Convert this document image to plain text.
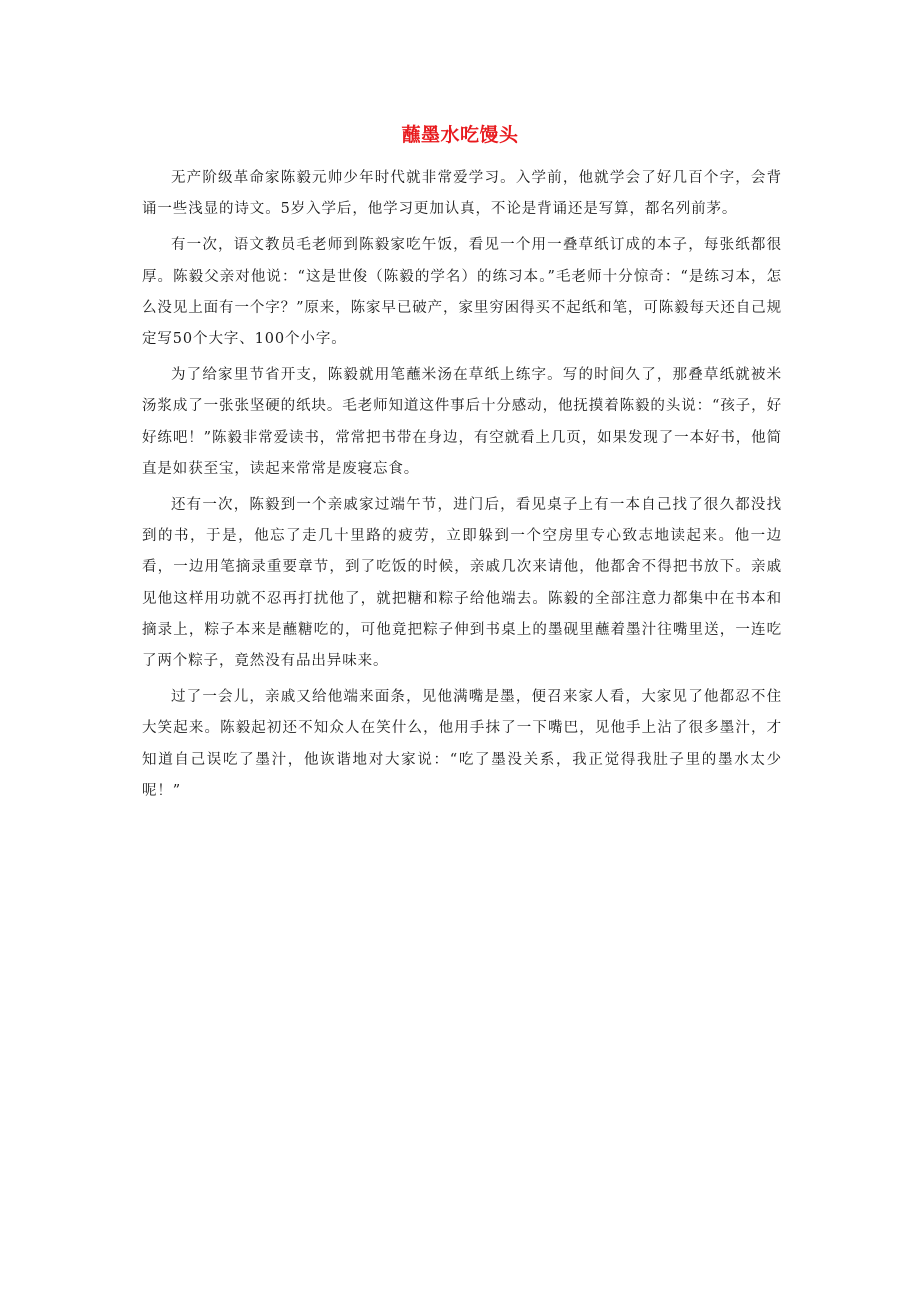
蘸墨水吃馒头

无产阶级革命家陈毅元帅少年时代就非常爱学习。入学前，他就学会了好几百个字，会背诵一些浅显的诗文。5岁入学后，他学习更加认真，不论是背诵还是写算，都名列前茅。

有一次，语文教员毛老师到陈毅家吃午饭，看见一个用一叠草纸订成的本子，每张纸都很厚。陈毅父亲对他说：“这是世俊（陈毅的学名）的练习本。”毛老师十分惊奇：“是练习本，怎么没见上面有一个字？”原来，陈家早已破产，家里穷困得买不起纸和笔，可陈毅每天还自己规定写50个大字、100个小字。

为了给家里节省开支，陈毅就用笔蘸米汤在草纸上练字。写的时间久了，那叠草纸就被米汤浆成了一张张坚硬的纸块。毛老师知道这件事后十分感动，他抚摸着陈毅的头说：“孩子，好好练吧！”陈毅非常爱读书，常常把书带在身边，有空就看上几页，如果发现了一本好书，他简直是如获至宝，读起来常常是废寝忘食。

还有一次，陈毅到一个亲戚家过端午节，进门后，看见桌子上有一本自己找了很久都没找到的书，于是，他忘了走几十里路的疲劳，立即躲到一个空房里专心致志地读起来。他一边看，一边用笔摘录重要章节，到了吃饭的时候，亲戚几次来请他，他都舍不得把书放下。亲戚见他这样用功就不忍再打扰他了，就把糖和粽子给他端去。陈毅的全部注意力都集中在书本和摘录上，粽子本来是蘸糖吃的，可他竟把粽子伸到书桌上的墨砚里蘸着墨汁往嘴里送，一连吃了两个粽子，竟然没有品出异味来。

过了一会儿，亲戚又给他端来面条，见他满嘴是墨，便召来家人看，大家见了他都忍不住大笑起来。陈毅起初还不知众人在笑什么，他用手抹了一下嘴巴，见他手上沾了很多墨汁，才知道自己误吃了墨汁，他诙谐地对大家说：“吃了墨没关系，我正觉得我肚子里的墨水太少呢！”
